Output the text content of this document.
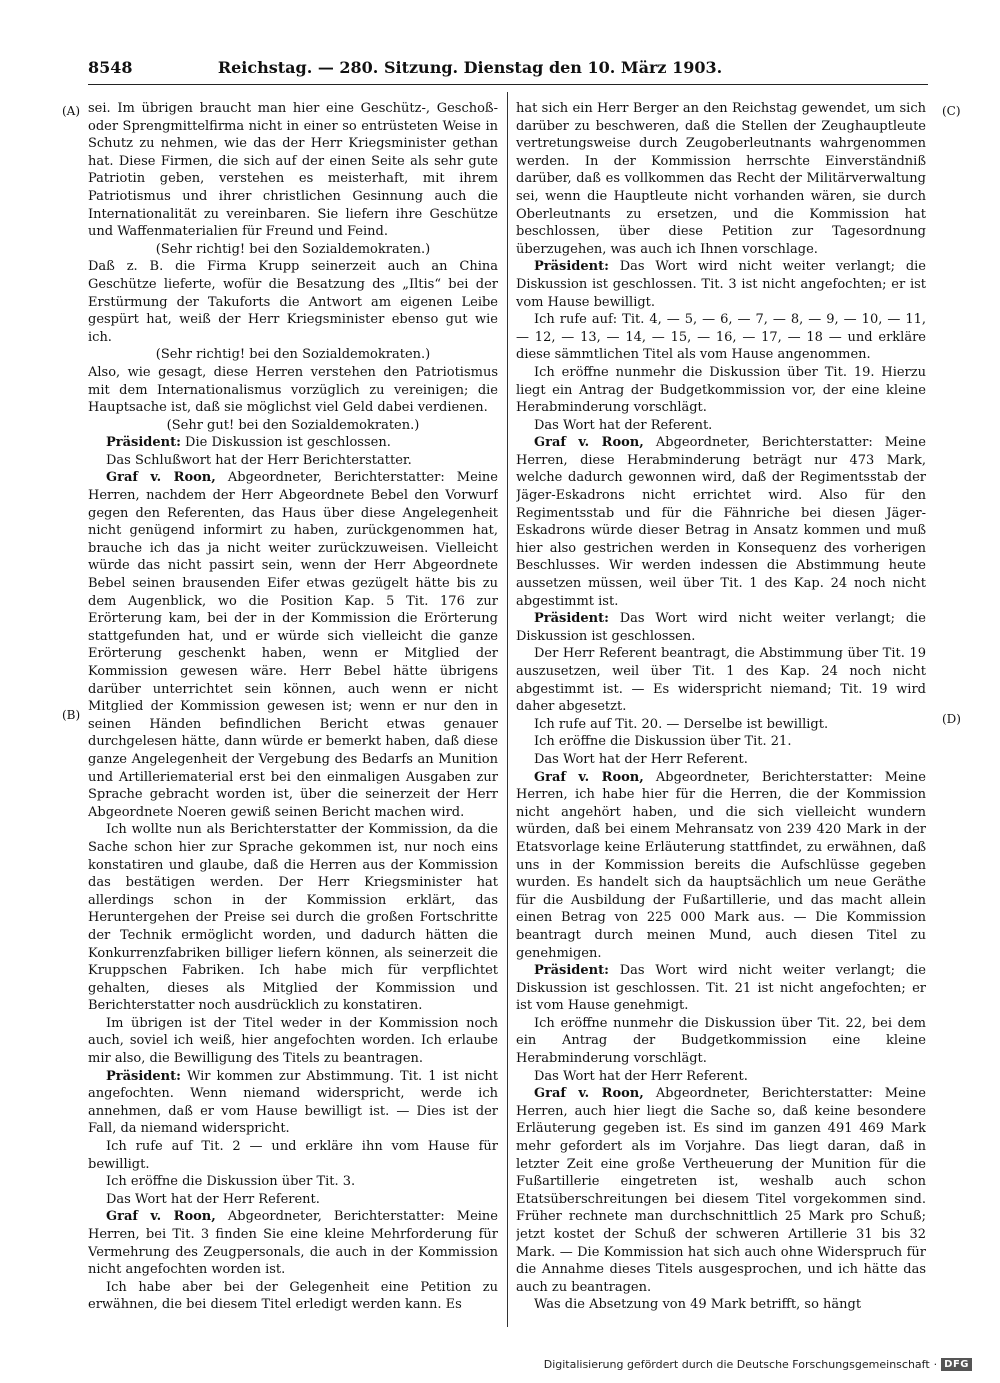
8548	Reichstag. — 280. Sitzung. Dienstag den 10. März 1903.
(A)
(B)
(C)
(D)

sei. Im übrigen braucht man hier eine Geschütz-, Geschoß- oder Sprengmittelfirma nicht in einer so entrüsteten Weise in Schutz zu nehmen, wie das der Herr Kriegsminister gethan hat. Diese Firmen, die sich auf der einen Seite als sehr gute Patriotin geben, verstehen es meisterhaft, mit ihrem Patriotismus und ihrer christlichen Gesinnung auch die Internationalität zu vereinbaren. Sie liefern ihre Geschütze und Waffenmaterialien für Freund und Feind.

(Sehr richtig! bei den Sozialdemokraten.)

Daß z. B. die Firma Krupp seinerzeit auch an China Geschütze lieferte, wofür die Besatzung des „Iltis“ bei der Erstürmung der Takuforts die Antwort am eigenen Leibe gespürt hat, weiß der Herr Kriegsminister ebenso gut wie ich.

(Sehr richtig! bei den Sozialdemokraten.)

Also, wie gesagt, diese Herren verstehen den Patriotismus mit dem Internationalismus vorzüglich zu vereinigen; die Hauptsache ist, daß sie möglichst viel Geld dabei verdienen.

(Sehr gut! bei den Sozialdemokraten.)

Präsident: Die Diskussion ist geschlossen.

Das Schlußwort hat der Herr Berichterstatter.

Graf v. Roon, Abgeordneter, Berichterstatter: Meine Herren, nachdem der Herr Abgeordnete Bebel den Vorwurf gegen den Referenten, das Haus über diese Angelegenheit nicht genügend informirt zu haben, zurückgenommen hat, brauche ich das ja nicht weiter zurückzuweisen. Vielleicht würde das nicht passirt sein, wenn der Herr Abgeordnete Bebel seinen brausenden Eifer etwas gezügelt hätte bis zu dem Augenblick, wo die Position Kap. 5 Tit. 176 zur Erörterung kam, bei der in der Kommission die Erörterung stattgefunden hat, und er würde sich vielleicht die ganze Erörterung geschenkt haben, wenn er Mitglied der Kommission gewesen wäre. Herr Bebel hätte übrigens darüber unterrichtet sein können, auch wenn er nicht Mitglied der Kommission gewesen ist; wenn er nur den in seinen Händen befindlichen Bericht etwas genauer durchgelesen hätte, dann würde er bemerkt haben, daß diese ganze Angelegenheit der Vergebung des Bedarfs an Munition und Artilleriematerial erst bei den einmaligen Ausgaben zur Sprache gebracht worden ist, über die seinerzeit der Herr Abgeordnete Noeren gewiß seinen Bericht machen wird.

Ich wollte nun als Berichterstatter der Kommission, da die Sache schon hier zur Sprache gekommen ist, nur noch eins konstatiren und glaube, daß die Herren aus der Kommission das bestätigen werden. Der Herr Kriegsminister hat allerdings schon in der Kommission erklärt, das Heruntergehen der Preise sei durch die großen Fortschritte der Technik ermöglicht worden, und dadurch hätten die Konkurrenzfabriken billiger liefern können, als seinerzeit die Kruppschen Fabriken. Ich habe mich für verpflichtet gehalten, dieses als Mitglied der Kommission und Berichterstatter noch ausdrücklich zu konstatiren.

Im übrigen ist der Titel weder in der Kommission noch auch, soviel ich weiß, hier angefochten worden. Ich erlaube mir also, die Bewilligung des Titels zu beantragen.

Präsident: Wir kommen zur Abstimmung. Tit. 1 ist nicht angefochten. Wenn niemand widerspricht, werde ich annehmen, daß er vom Hause bewilligt ist. — Dies ist der Fall, da niemand widerspricht.

Ich rufe auf Tit. 2 — und erkläre ihn vom Hause für bewilligt.

Ich eröffne die Diskussion über Tit. 3.

Das Wort hat der Herr Referent.

Graf v. Roon, Abgeordneter, Berichterstatter: Meine Herren, bei Tit. 3 finden Sie eine kleine Mehrforderung für Vermehrung des Zeugpersonals, die auch in der Kommission nicht angefochten worden ist.

Ich habe aber bei der Gelegenheit eine Petition zu erwähnen, die bei diesem Titel erledigt werden kann. Es

hat sich ein Herr Berger an den Reichstag gewendet, um sich darüber zu beschweren, daß die Stellen der Zeughauptleute vertretungsweise durch Zeugoberleutnants wahrgenommen werden. In der Kommission herrschte Einverständniß darüber, daß es vollkommen das Recht der Militärverwaltung sei, wenn die Hauptleute nicht vorhanden wären, sie durch Oberleutnants zu ersetzen, und die Kommission hat beschlossen, über diese Petition zur Tagesordnung überzugehen, was auch ich Ihnen vorschlage.

Präsident: Das Wort wird nicht weiter verlangt; die Diskussion ist geschlossen. Tit. 3 ist nicht angefochten; er ist vom Hause bewilligt.

Ich rufe auf: Tit. 4, — 5, — 6, — 7, — 8, — 9, — 10, — 11, — 12, — 13, — 14, — 15, — 16, — 17, — 18 — und erkläre diese sämmtlichen Titel als vom Hause angenommen.

Ich eröffne nunmehr die Diskussion über Tit. 19. Hierzu liegt ein Antrag der Budgetkommission vor, der eine kleine Herabminderung vorschlägt.

Das Wort hat der Referent.

Graf v. Roon, Abgeordneter, Berichterstatter: Meine Herren, diese Herabminderung beträgt nur 473 Mark, welche dadurch gewonnen wird, daß der Regimentsstab der Jäger-Eskadrons nicht errichtet wird. Also für den Regimentsstab und für die Fähnriche bei diesen Jäger-Eskadrons würde dieser Betrag in Ansatz kommen und muß hier also gestrichen werden in Konsequenz des vorherigen Beschlusses. Wir werden indessen die Abstimmung heute aussetzen müssen, weil über Tit. 1 des Kap. 24 noch nicht abgestimmt ist.

Präsident: Das Wort wird nicht weiter verlangt; die Diskussion ist geschlossen.

Der Herr Referent beantragt, die Abstimmung über Tit. 19 auszusetzen, weil über Tit. 1 des Kap. 24 noch nicht abgestimmt ist. — Es widerspricht niemand; Tit. 19 wird daher abgesetzt.

Ich rufe auf Tit. 20. — Derselbe ist bewilligt.

Ich eröffne die Diskussion über Tit. 21.

Das Wort hat der Herr Referent.

Graf v. Roon, Abgeordneter, Berichterstatter: Meine Herren, ich habe hier für die Herren, die der Kommission nicht angehört haben, und die sich vielleicht wundern würden, daß bei einem Mehransatz von 239 420 Mark in der Etatsvorlage keine Erläuterung stattfindet, zu erwähnen, daß uns in der Kommission bereits die Aufschlüsse gegeben wurden. Es handelt sich da hauptsächlich um neue Geräthe für die Ausbildung der Fußartillerie, und das macht allein einen Betrag von 225 000 Mark aus. — Die Kommission beantragt durch meinen Mund, auch diesen Titel zu genehmigen.

Präsident: Das Wort wird nicht weiter verlangt; die Diskussion ist geschlossen. Tit. 21 ist nicht angefochten; er ist vom Hause genehmigt.

Ich eröffne nunmehr die Diskussion über Tit. 22, bei dem ein Antrag der Budgetkommission eine kleine Herabminderung vorschlägt.

Das Wort hat der Herr Referent.

Graf v. Roon, Abgeordneter, Berichterstatter: Meine Herren, auch hier liegt die Sache so, daß keine besondere Erläuterung gegeben ist. Es sind im ganzen 491 469 Mark mehr gefordert als im Vorjahre. Das liegt daran, daß in letzter Zeit eine große Vertheuerung der Munition für die Fußartillerie eingetreten ist, weshalb auch schon Etatsüberschreitungen bei diesem Titel vorgekommen sind. Früher rechnete man durchschnittlich 25 Mark pro Schuß; jetzt kostet der Schuß der schweren Artillerie 31 bis 32 Mark. — Die Kommission hat sich auch ohne Widerspruch für die Annahme dieses Titels ausgesprochen, und ich hätte das auch zu beantragen.

Was die Absetzung von 49 Mark betrifft, so hängt

Digitalisierung gefördert durch die Deutsche Forschungsgemeinschaft · DFG
